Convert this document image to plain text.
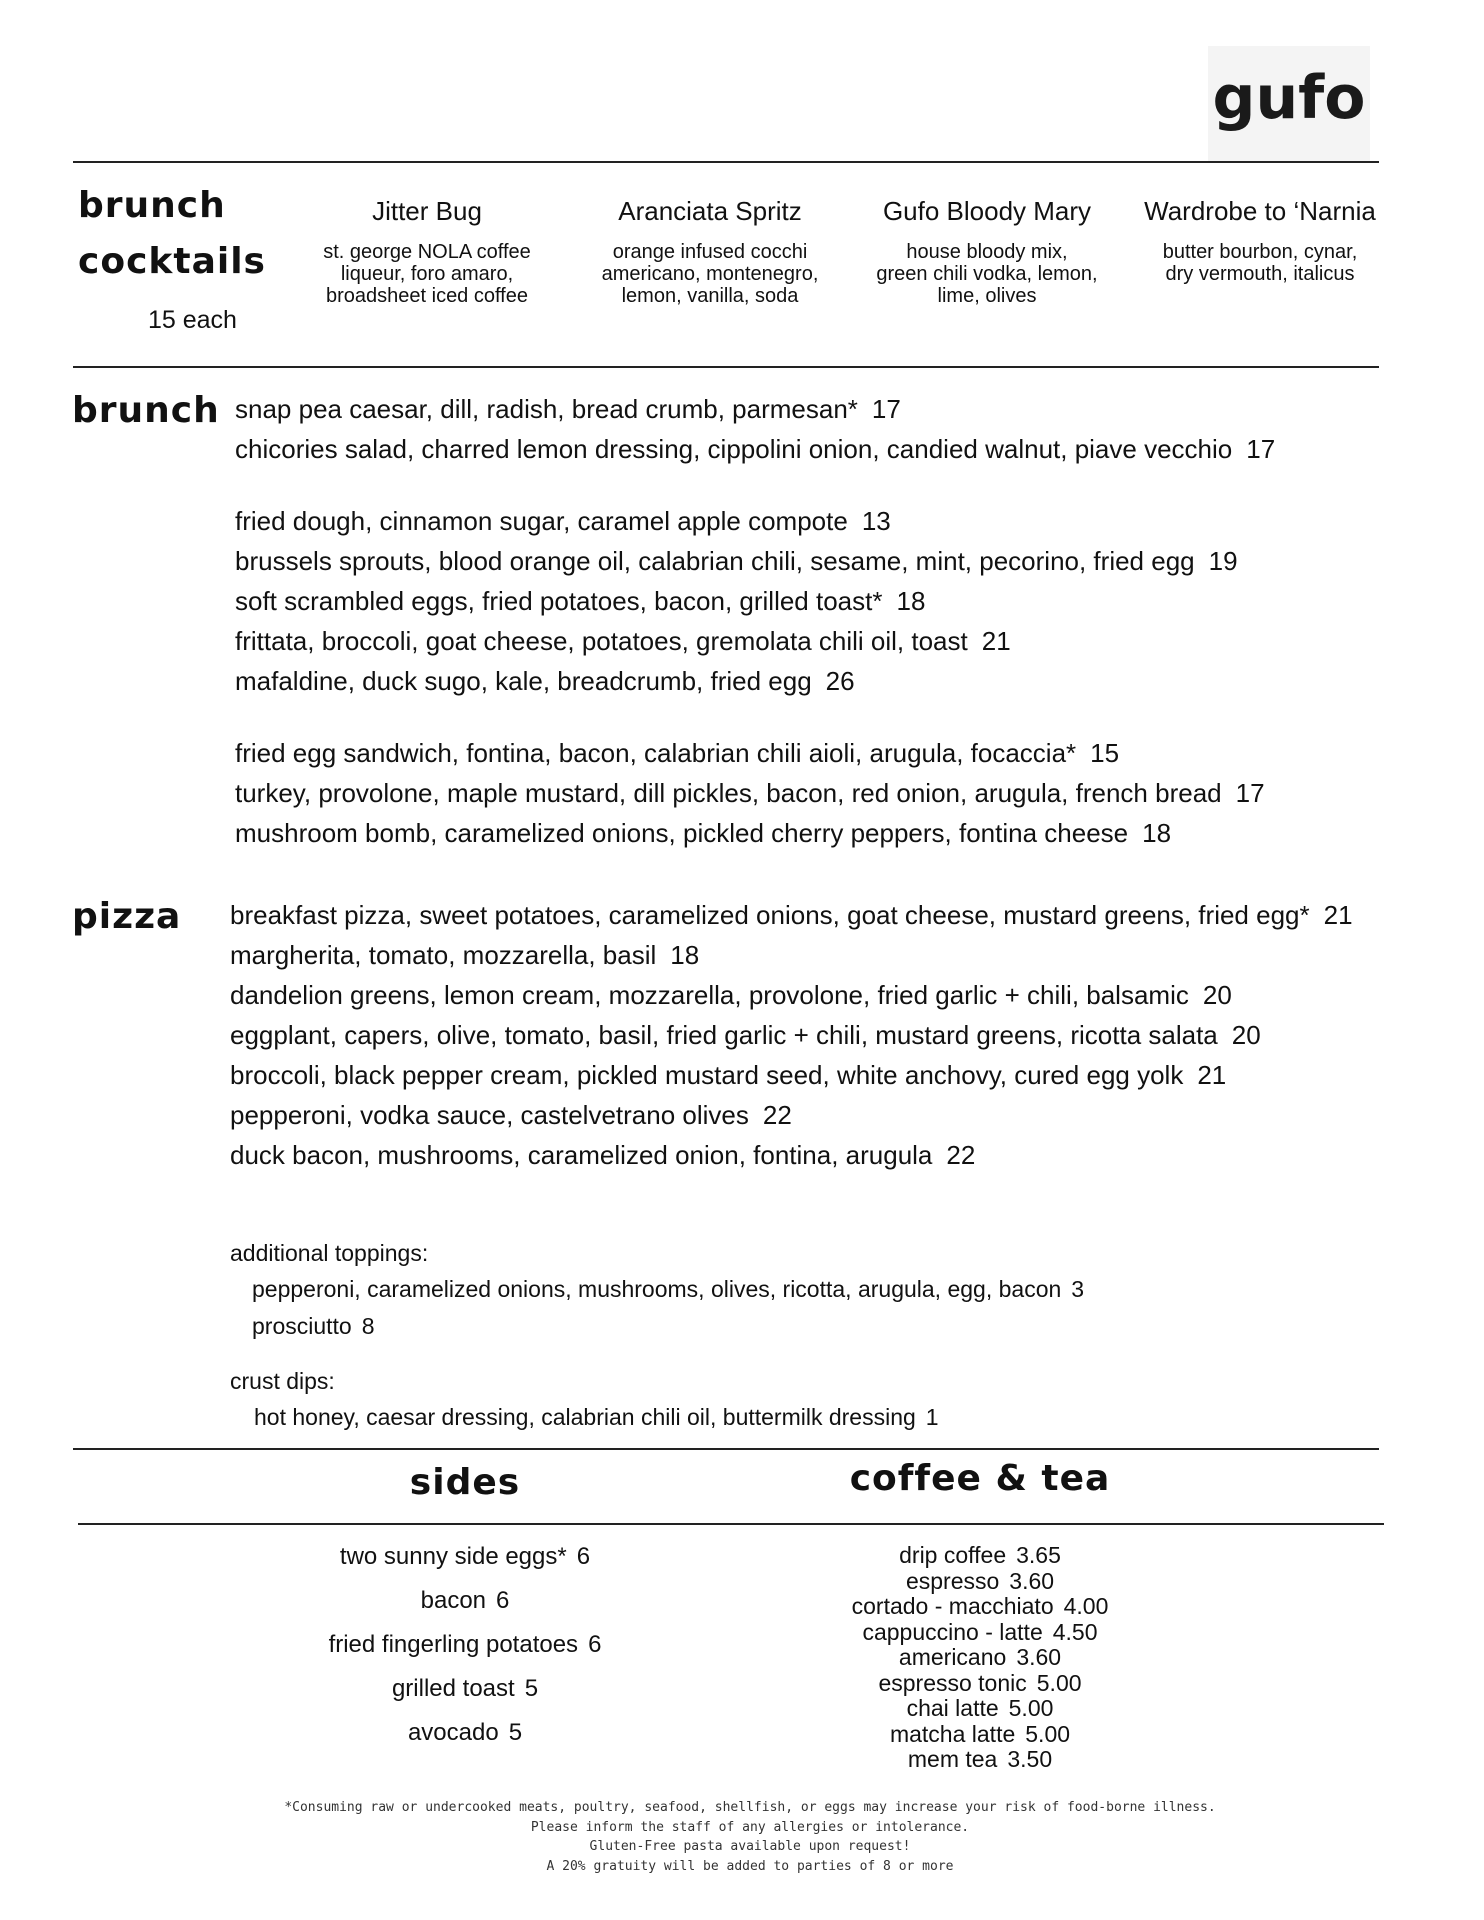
gufo
brunch
cocktails
15 each
Jitter Bug
st. george NOLA coffee
liqueur, foro amaro,
broadsheet iced coffee
Aranciata Spritz
orange infused cocchi
americano, montenegro,
lemon, vanilla, soda
Gufo Bloody Mary
house bloody mix,
green chili vodka, lemon,
lime, olives
Wardrobe to ‘Narnia
butter bourbon, cynar,
dry vermouth, italicus
brunch snap pea caesar, dill, radish, bread crumb, parmesan* 17
chicories salad, charred lemon dressing, cippolini onion, candied walnut, piave vecchio 17
fried dough, cinnamon sugar, caramel apple compote 13
brussels sprouts, blood orange oil, calabrian chili, sesame, mint, pecorino, fried egg 19
soft scrambled eggs, fried potatoes, bacon, grilled toast* 18
frittata, broccoli, goat cheese, potatoes, gremolata chili oil, toast 21
mafaldine, duck sugo, kale, breadcrumb, fried egg 26
fried egg sandwich, fontina, bacon, calabrian chili aioli, arugula, focaccia* 15
turkey, provolone, maple mustard, dill pickles, bacon, red onion, arugula, french bread 17
mushroom bomb, caramelized onions, pickled cherry peppers, fontina cheese 18
pizza breakfast pizza, sweet potatoes, caramelized onions, goat cheese, mustard greens, fried egg* 21
margherita, tomato, mozzarella, basil 18
dandelion greens, lemon cream, mozzarella, provolone, fried garlic + chili, balsamic 20
eggplant, capers, olive, tomato, basil, fried garlic + chili, mustard greens, ricotta salata 20
broccoli, black pepper cream, pickled mustard seed, white anchovy, cured egg yolk 21
pepperoni, vodka sauce, castelvetrano olives 22
duck bacon, mushrooms, caramelized onion, fontina, arugula 22
additional toppings:
pepperoni, caramelized onions, mushrooms, olives, ricotta, arugula, egg, bacon 3
prosciutto 8
crust dips:
hot honey, caesar dressing, calabrian chili oil, buttermilk dressing 1
sides	coffee & tea
two sunny side eggs* 6
bacon 6
fried fingerling potatoes 6
grilled toast 5
avocado 5
drip coffee 3.65
espresso 3.60
cortado - macchiato 4.00
cappuccino - latte 4.50
americano 3.60
espresso tonic 5.00
chai latte 5.00
matcha latte 5.00
mem tea 3.50
*Consuming raw or undercooked meats, poultry, seafood, shellfish, or eggs may increase your risk of food-borne illness.
Please inform the staff of any allergies or intolerance.
Gluten-Free pasta available upon request!
A 20% gratuity will be added to parties of 8 or more
